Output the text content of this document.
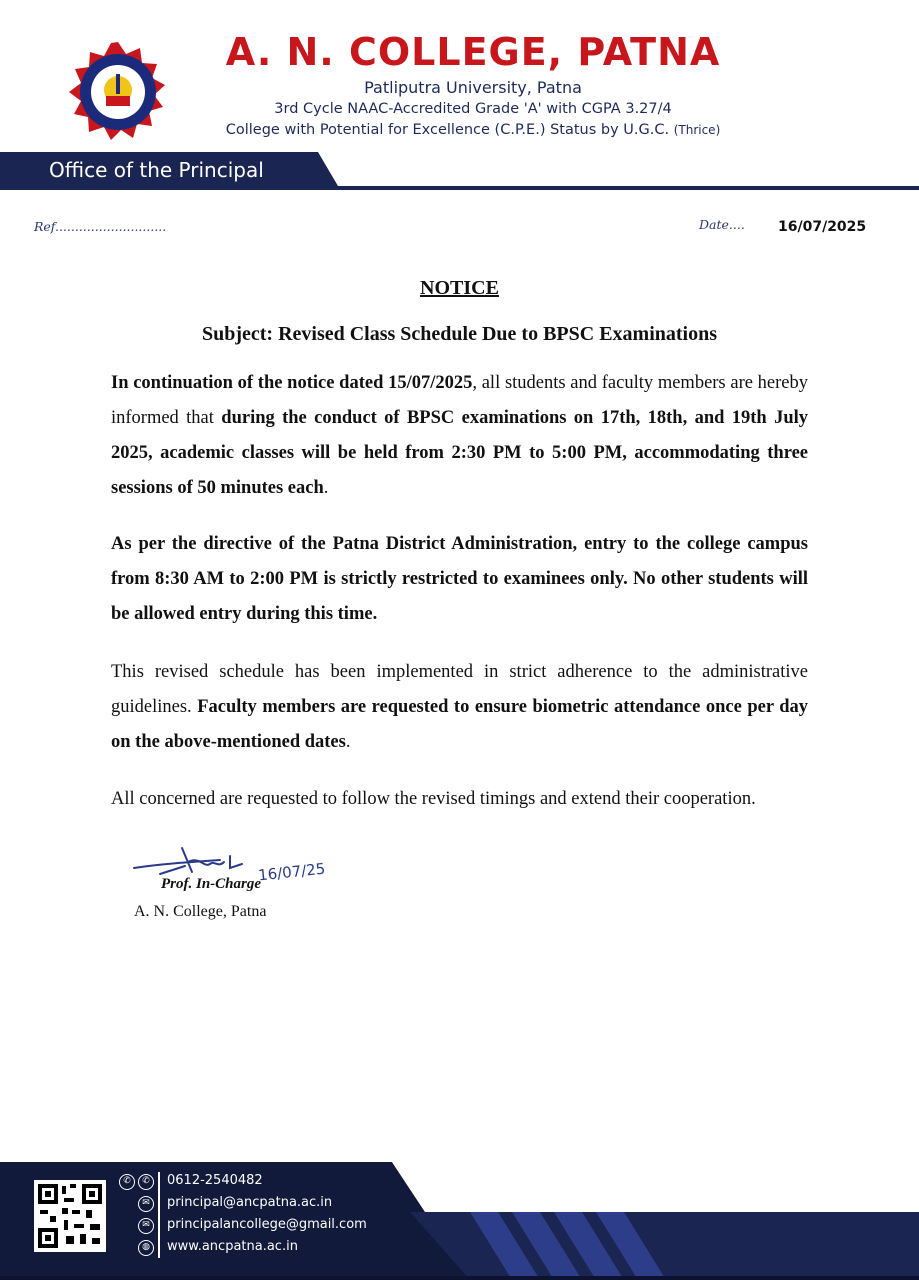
A. N. COLLEGE, PATNA
Patliputra University, Patna
3rd Cycle NAAC-Accredited Grade 'A' with CGPA 3.27/4
College with Potential for Excellence (C.P.E.) Status by U.G.C. (Thrice)
Office of the Principal
Ref............................	Date.... 16/07/2025
NOTICE
Subject: Revised Class Schedule Due to BPSC Examinations
In continuation of the notice dated 15/07/2025, all students and faculty members are hereby informed that during the conduct of BPSC examinations on 17th, 18th, and 19th July 2025, academic classes will be held from 2:30 PM to 5:00 PM, accommodating three sessions of 50 minutes each.
As per the directive of the Patna District Administration, entry to the college campus from 8:30 AM to 2:00 PM is strictly restricted to examinees only. No other students will be allowed entry during this time.
This revised schedule has been implemented in strict adherence to the administrative guidelines. Faculty members are requested to ensure biometric attendance once per day on the above-mentioned dates.
All concerned are requested to follow the revised timings and extend their cooperation.
16/07/25
Prof. In-Charge
A. N. College, Patna
✆	✆
✉
✉
◍
0612-2540482
principal@ancpatna.ac.in
principalancollege@gmail.com
www.ancpatna.ac.in
